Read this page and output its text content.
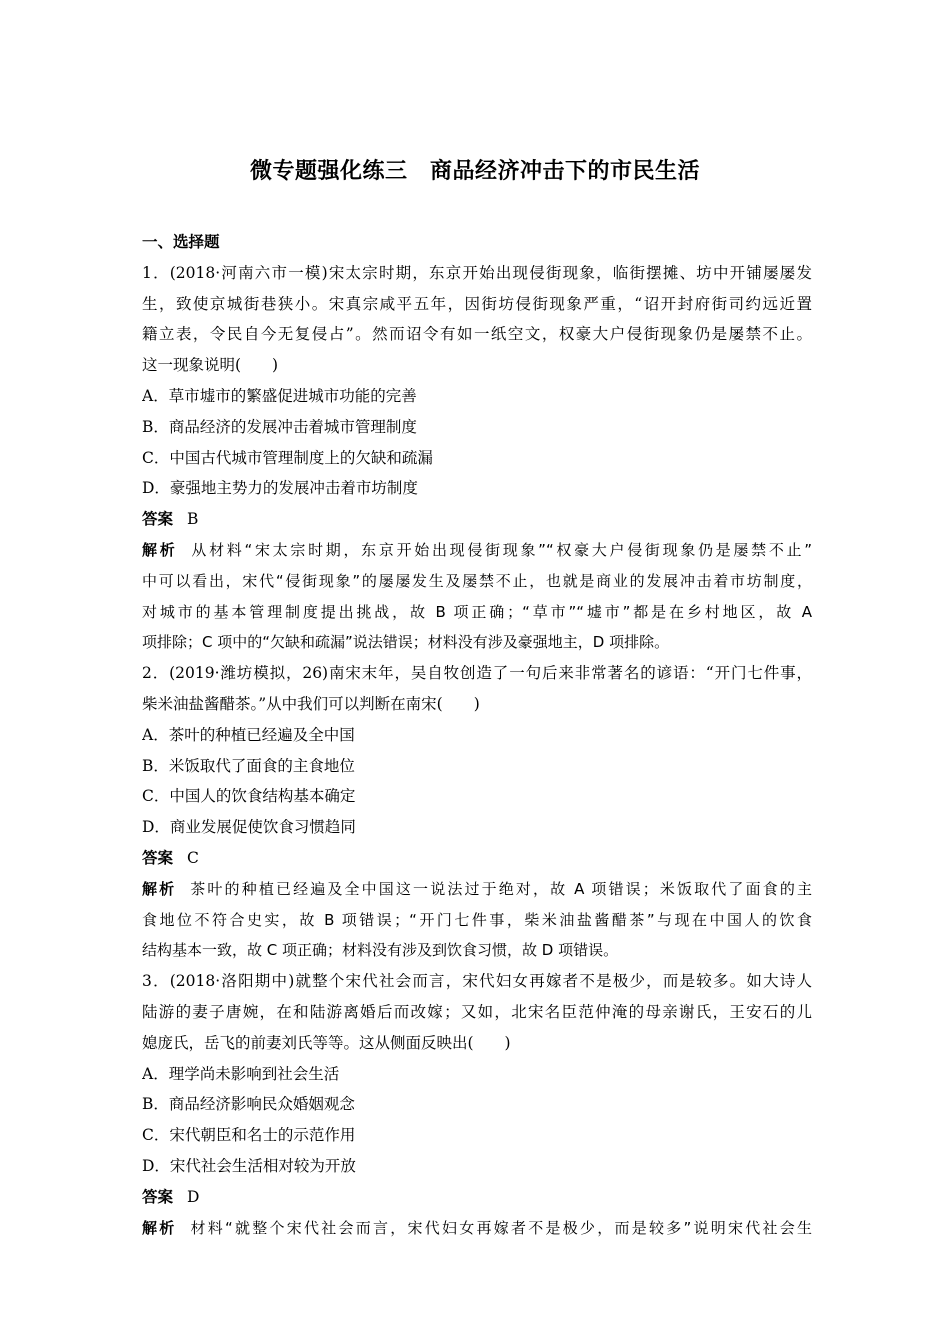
微专题强化练三　商品经济冲击下的市民生活
一、选择题
1．(2018·河南六市一模)宋太宗时期，东京开始出现侵街现象，临街摆摊、坊中开铺屡屡发
生，致使京城街巷狭小。宋真宗咸平五年，因街坊侵街现象严重，“诏开封府街司约远近置
籍立表，令民自今无复侵占”。然而诏令有如一纸空文，权豪大户侵街现象仍是屡禁不止。
这一现象说明(　　)
A．草市墟市的繁盛促进城市功能的完善
B．商品经济的发展冲击着城市管理制度
C．中国古代城市管理制度上的欠缺和疏漏
D．豪强地主势力的发展冲击着市坊制度
答案 B
解析 从材料“宋太宗时期，东京开始出现侵街现象”“权豪大户侵街现象仍是屡禁不止”
中可以看出，宋代“侵街现象”的屡屡发生及屡禁不止，也就是商业的发展冲击着市坊制度，
对城市的基本管理制度提出挑战，故 B 项正确；“草市”“墟市”都是在乡村地区，故 A
项排除；C 项中的“欠缺和疏漏”说法错误；材料没有涉及豪强地主，D 项排除。
2．(2019·潍坊模拟，26)南宋末年，吴自牧创造了一句后来非常著名的谚语：“开门七件事，
柴米油盐酱醋茶。”从中我们可以判断在南宋(　　)
A．茶叶的种植已经遍及全中国
B．米饭取代了面食的主食地位
C．中国人的饮食结构基本确定
D．商业发展促使饮食习惯趋同
答案 C
解析 茶叶的种植已经遍及全中国这一说法过于绝对，故 A 项错误；米饭取代了面食的主
食地位不符合史实，故 B 项错误；“开门七件事，柴米油盐酱醋茶”与现在中国人的饮食
结构基本一致，故 C 项正确；材料没有涉及到饮食习惯，故 D 项错误。
3．(2018·洛阳期中)就整个宋代社会而言，宋代妇女再嫁者不是极少，而是较多。如大诗人
陆游的妻子唐婉，在和陆游离婚后而改嫁；又如，北宋名臣范仲淹的母亲谢氏，王安石的儿
媳庞氏，岳飞的前妻刘氏等等。这从侧面反映出(　　)
A．理学尚未影响到社会生活
B．商品经济影响民众婚姻观念
C．宋代朝臣和名士的示范作用
D．宋代社会生活相对较为开放
答案 D
解析 材料“就整个宋代社会而言，宋代妇女再嫁者不是极少，而是较多”说明宋代社会生
